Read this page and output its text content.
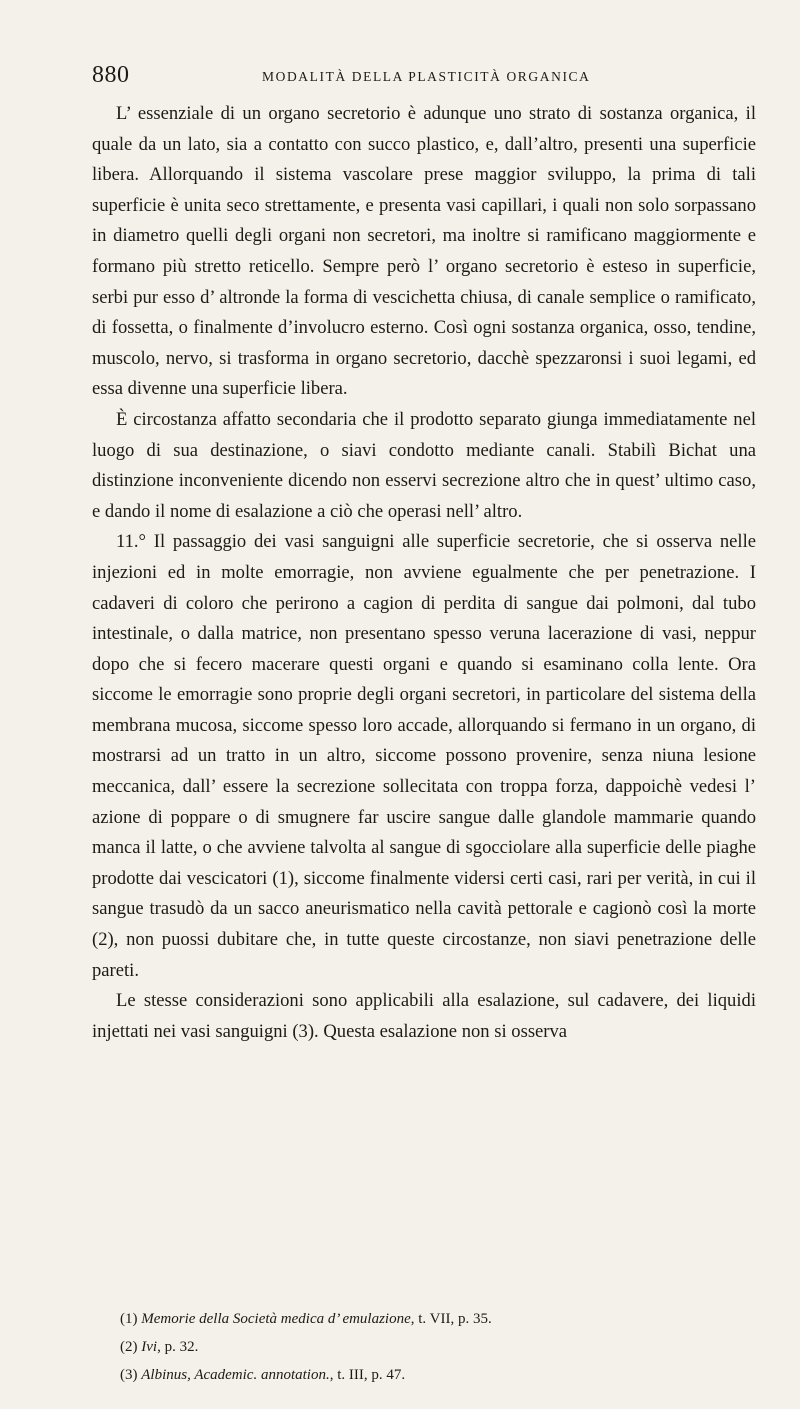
880	MODALITÀ DELLA PLASTICITÀ ORGANICA

L’ essenziale di un organo secretorio è adunque uno strato di sostanza organica, il quale da un lato, sia a contatto con succo plastico, e, dall’altro, presenti una superficie libera. Allorquando il sistema vascolare prese maggior sviluppo, la prima di tali superficie è unita seco strettamente, e presenta vasi capillari, i quali non solo sorpassano in diametro quelli degli organi non secretori, ma inoltre si ramificano maggiormente e formano più stretto reticello. Sempre però l’ organo secretorio è esteso in superficie, serbi pur esso d’ altronde la forma di vescichetta chiusa, di canale semplice o ramificato, di fossetta, o finalmente d’involucro esterno. Così ogni sostanza organica, osso, tendine, muscolo, nervo, si trasforma in organo secretorio, dacchè spezzaronsi i suoi legami, ed essa divenne una superficie libera.

È circostanza affatto secondaria che il prodotto separato giunga immediatamente nel luogo di sua destinazione, o siavi condotto mediante canali. Stabilì Bichat una distinzione inconveniente dicendo non esservi secrezione altro che in quest’ ultimo caso, e dando il nome di esalazione a ciò che operasi nell’ altro.

11.° Il passaggio dei vasi sanguigni alle superficie secretorie, che si osserva nelle injezioni ed in molte emorragie, non avviene egualmente che per penetrazione. I cadaveri di coloro che perirono a cagion di perdita di sangue dai polmoni, dal tubo intestinale, o dalla matrice, non presentano spesso veruna lacerazione di vasi, neppur dopo che si fecero macerare questi organi e quando si esaminano colla lente. Ora siccome le emorragie sono proprie degli organi secretori, in particolare del sistema della membrana mucosa, siccome spesso loro accade, allorquando si fermano in un organo, di mostrarsi ad un tratto in un altro, siccome possono provenire, senza niuna lesione meccanica, dall’ essere la secrezione sollecitata con troppa forza, dappoichè vedesi l’ azione di poppare o di smugnere far uscire sangue dalle glandole mammarie quando manca il latte, o che avviene talvolta al sangue di sgocciolare alla superficie delle piaghe prodotte dai vescicatori (1), siccome finalmente vidersi certi casi, rari per verità, in cui il sangue trasudò da un sacco aneurismatico nella cavità pettorale e cagionò così la morte (2), non puossi dubitare che, in tutte queste circostanze, non siavi penetrazione delle pareti.

Le stesse considerazioni sono applicabili alla esalazione, sul cadavere, dei liquidi injettati nei vasi sanguigni (3). Questa esalazione non si osserva

(1) Memorie della Società medica d’ emulazione, t. VII, p. 35.
(2) Ivi, p. 32.
(3) Albinus, Academic. annotation., t. III, p. 47.
